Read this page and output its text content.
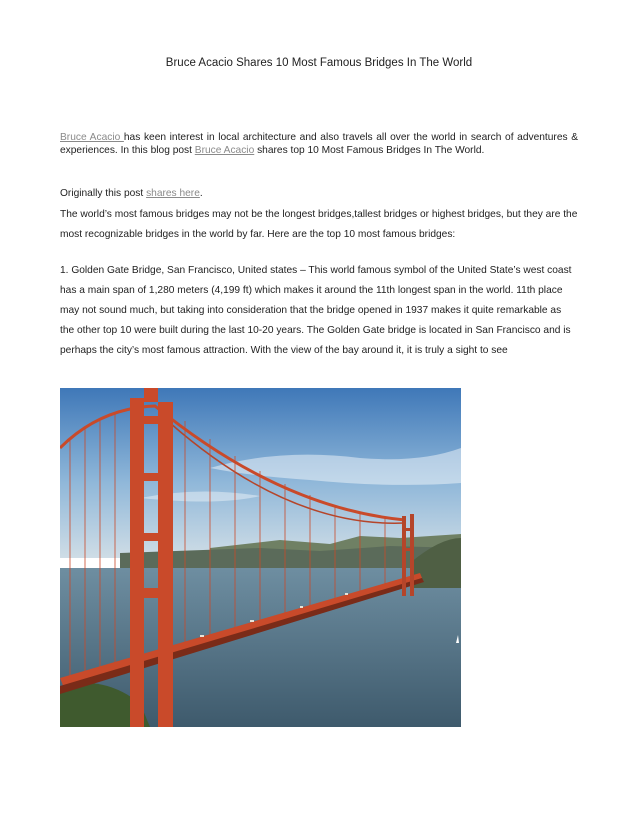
Bruce Acacio Shares 10 Most Famous Bridges In The World
Bruce Acacio has keen interest in local architecture and also travels all over the world in search of adventures & experiences. In this blog post Bruce Acacio shares top 10 Most Famous Bridges In The World.
Originally this post shares here.
The world’s most famous bridges may not be the longest bridges,tallest bridges or highest bridges, but they are the most recognizable bridges in the world by far. Here are the top 10 most famous bridges:
1. Golden Gate Bridge, San Francisco, United states – This world famous symbol of the United State’s west coast has a main span of 1,280 meters (4,199 ft) which makes it around the 11th longest span in the world. 11th place may not sound much, but taking into consideration that the bridge opened in 1937 makes it quite remarkable as the other top 10 were built during the last 10-20 years. The Golden Gate bridge is located in San Francisco and is perhaps the city’s most famous attraction. With the view of the bay around it, it is truly a sight to see
